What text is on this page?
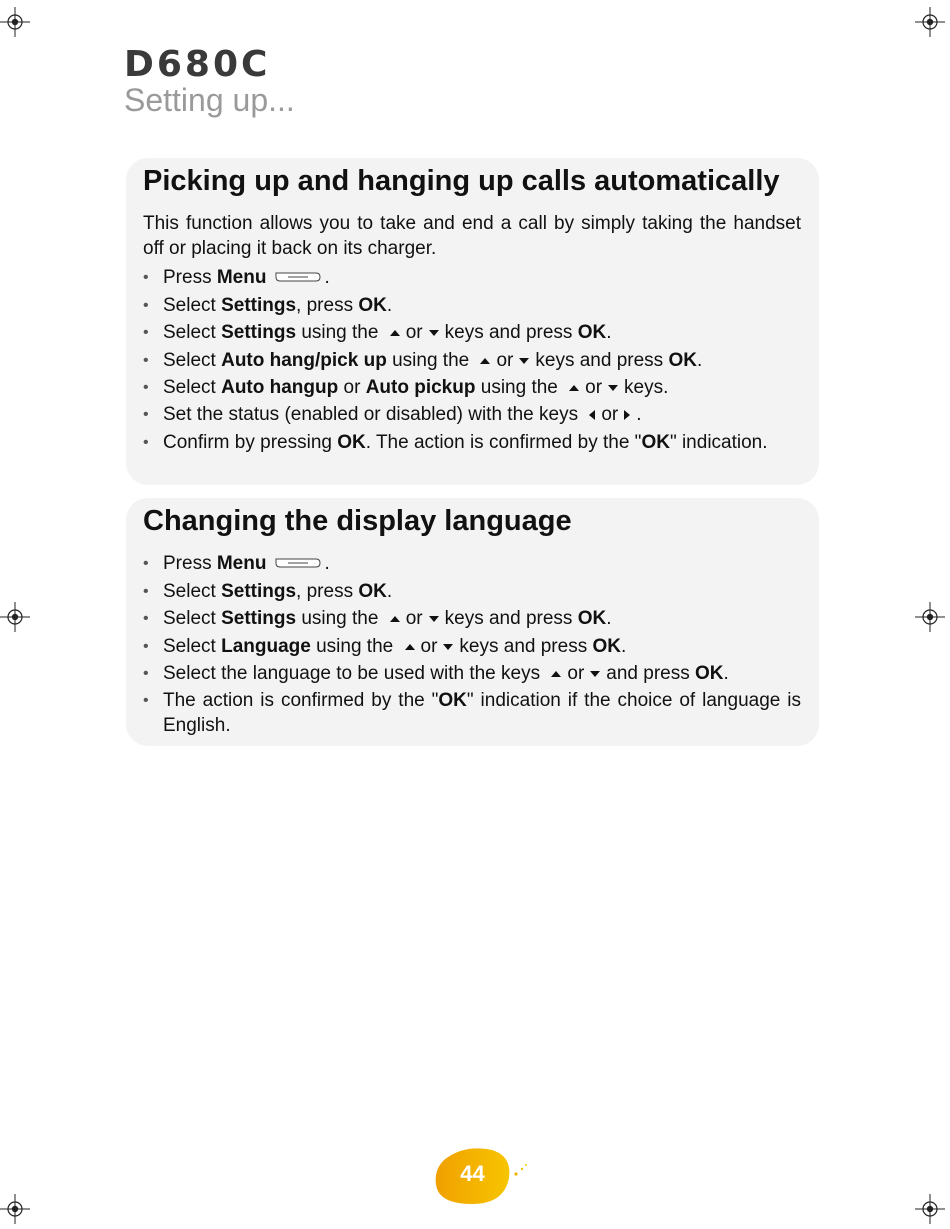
D680C
Setting up...
Picking up and hanging up calls automatically

This function allows you to take and end a call by simply taking the handset off or placing it back on its charger.

• Press Menu	.
• Select Settings, press OK.
• Select Settings using the
or keys and press OK.
• Select Auto hang/pick up using the
or keys and press OK.
• Select Auto hangup or Auto pickup using the
or keys.
• Set the status (enabled or disabled) with the keys
or .
• Confirm by pressing OK. The action is confirmed by the "OK" indication.
Changing the display language
• Press Menu	.
• Select Settings, press OK.
• Select Settings using the
or keys and press OK.
• Select Language using the
or keys and press OK.
• Select the language to be used with the keys
or and press OK.
• The action is confirmed by the "OK" indication if the choice of language is English.
44
